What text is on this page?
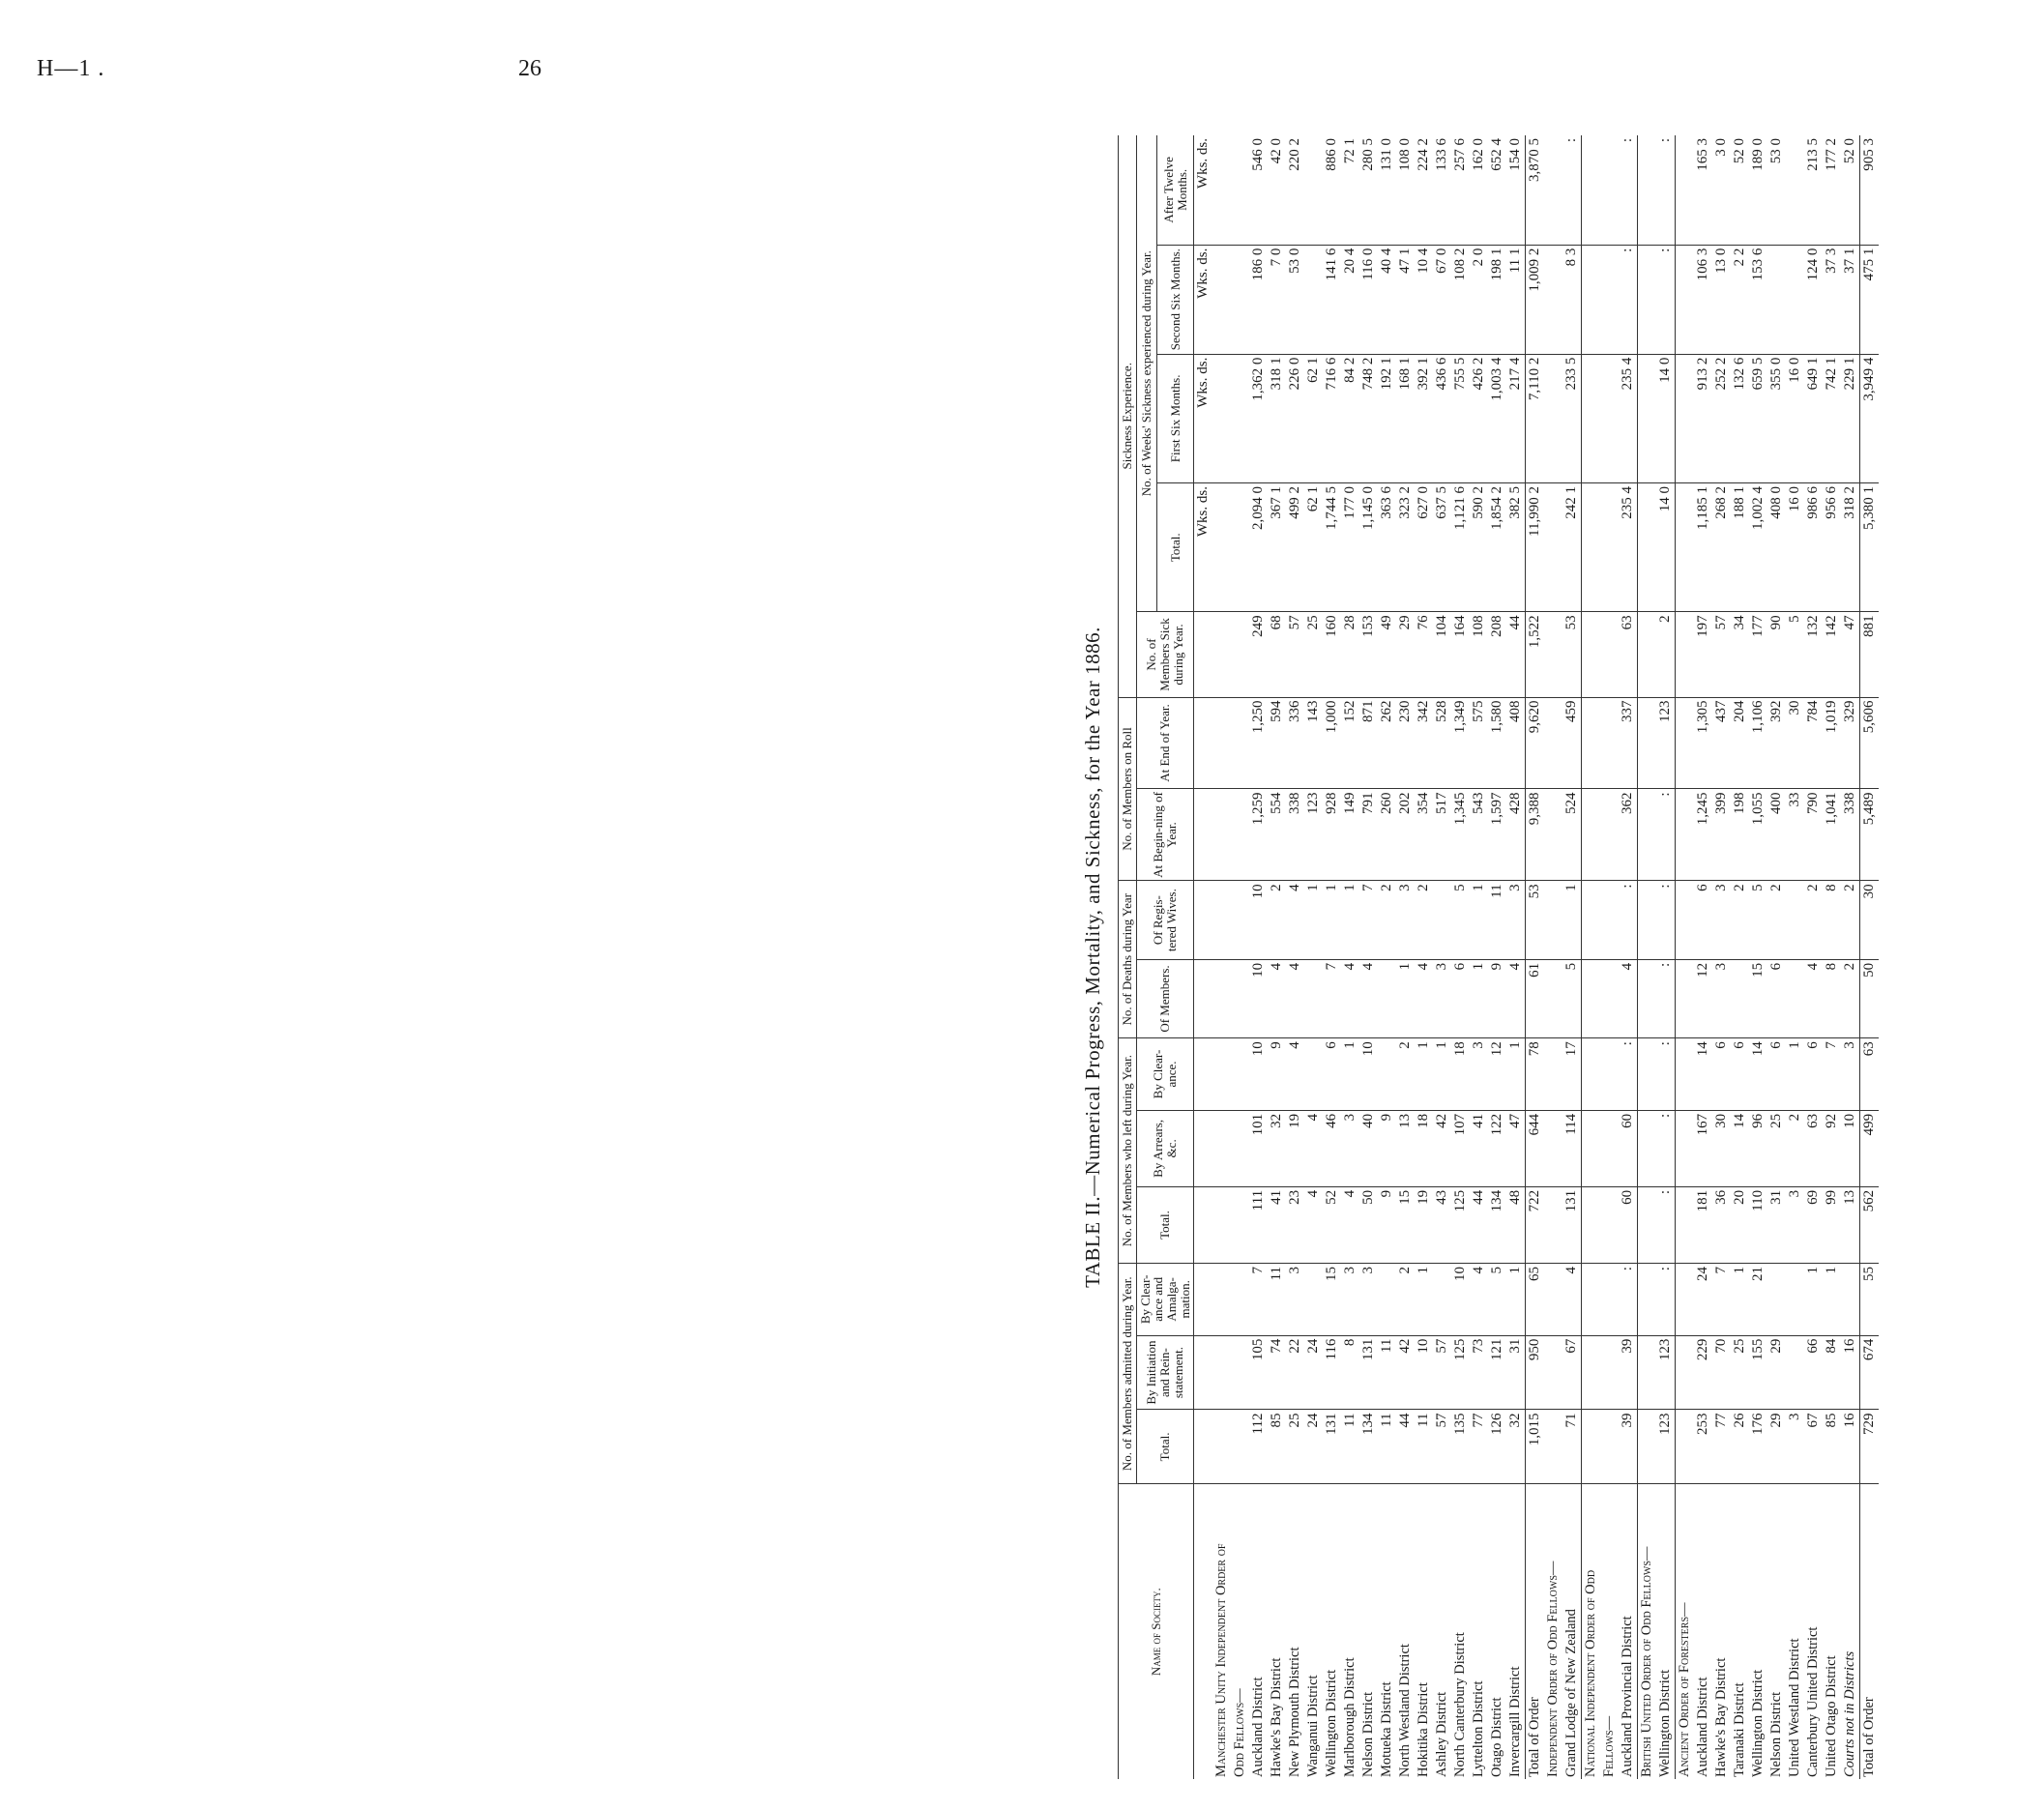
H—1 .	26
TABLE II.—Numerical Progress, Mortality, and Sickness, for the Year 1886.
Name of Society.	No. of Members admitted during Year.			No. of Members who left during Year.			No. of Deaths during Year		No. of Members on Roll		Sickness Experience.				
	Total.	By Initiation and Rein-statement.	By Clear-ance and Amalga-mation.	Total.	By Arrears, &c.	By Clear-ance.	Of Members.	Of Regis-tered Wives.	At Begin-ning of Year.	At End of Year.	No. of Members Sick during Year.	No. of Weeks' Sickness experienced during Year.			
												Total.	First Six Months.	Second Six Months.	After Twelve Months.
												Wks. ds.	Wks. ds.	Wks. ds.	Wks. ds.
Manchester Unity Independent Order of															
Odd Fellows—															
Auckland District	112	105	7	111	101	10	10	10	1,259	1,250	249	2,094 0	1,362 0	186 0	546 0
Hawke's Bay District	85	74	11	41	32	9	4	2	554	594	68	367 1	318 1	7 0	42 0
New Plymouth District	25	22	3	23	19	4	4	4	338	336	57	499 2	226 0	53 0	220 2
Wanganui District	24	24		4	4			1	123	143	25	62 1	62 1		
Wellington District	131	116	15	52	46	6	7	1	928	1,000	160	1,744 5	716 6	141 6	886 0
Marlborough District	11	8	3	4	3	1	4	1	149	152	28	177 0	84 2	20 4	72 1
Nelson District	134	131	3	50	40	10	4	7	791	871	153	1,145 0	748 2	116 0	280 5
Motueka District	11	11		9	9			2	260	262	49	363 6	192 1	40 4	131 0
North Westland District	44	42	2	15	13	2	1	3	202	230	29	323 2	168 1	47 1	108 0
Hokitika District	11	10	1	19	18	1	4	2	354	342	76	627 0	392 1	10 4	224 2
Ashley District	57	57		43	42	1	3		517	528	104	637 5	436 6	67 0	133 6
North Canterbury District	135	125	10	125	107	18	6	5	1,345	1,349	164	1,121 6	755 5	108 2	257 6
Lyttelton District	77	73	4	44	41	3	1	1	543	575	108	590 2	426 2	2 0	162 0
Otago District	126	121	5	134	122	12	9	11	1,597	1,580	208	1,854 2	1,003 4	198 1	652 4
Invercargill District	32	31	1	48	47	1	4	3	428	408	44	382 5	217 4	11 1	154 0
Total of Order	1,015	950	65	722	644	78	61	53	9,388	9,620	1,522	11,990 2	7,110 2	1,009 2	3,870 5
Independent Order of Odd Fellows—															
Grand Lodge of New Zealand	71	67	4	131	114	17	5	1	524	459	53	242 1	233 5	8 3	:
National Independent Order of Odd															
Fellows—															
Auckland Provincial District	39	39	:	60	60	:	4	:	362	337	63	235 4	235 4	:	:
British United Order of Odd Fellows—															
Wellington District	123	123	:	:	:	:	:	:	:	123	2	14 0	14 0	:	:
Ancient Order of Foresters—															
Auckland District	253	229	24	181	167	14	12	6	1,245	1,305	197	1,185 1	913 2	106 3	165 3
Hawke's Bay District	77	70	7	36	30	6	3	3	399	437	57	268 2	252 2	13 0	3 0
Taranaki District	26	25	1	20	14	6		2	198	204	34	188 1	132 6	2 2	52 0
Wellington District	176	155	21	110	96	14	15	5	1,055	1,106	177	1,002 4	659 5	153 6	189 0
Nelson District	29	29		31	25	6	6	2	400	392	90	408 0	355 0		53 0
United Westland District	3			3	2	1			33	30	5	16 0	16 0		
Canterbury United District	67	66	1	69	63	6	4	2	790	784	132	986 6	649 1	124 0	213 5
United Otago District	85	84	1	99	92	7	8	8	1,041	1,019	142	956 6	742 1	37 3	177 2
Courts not in Districts	16	16		13	10	3	2	2	338	329	47	318 2	229 1	37 1	52 0
Total of Order	729	674	55	562	499	63	50	30	5,489	5,606	881	5,380 1	3,949 4	475 1	905 3
